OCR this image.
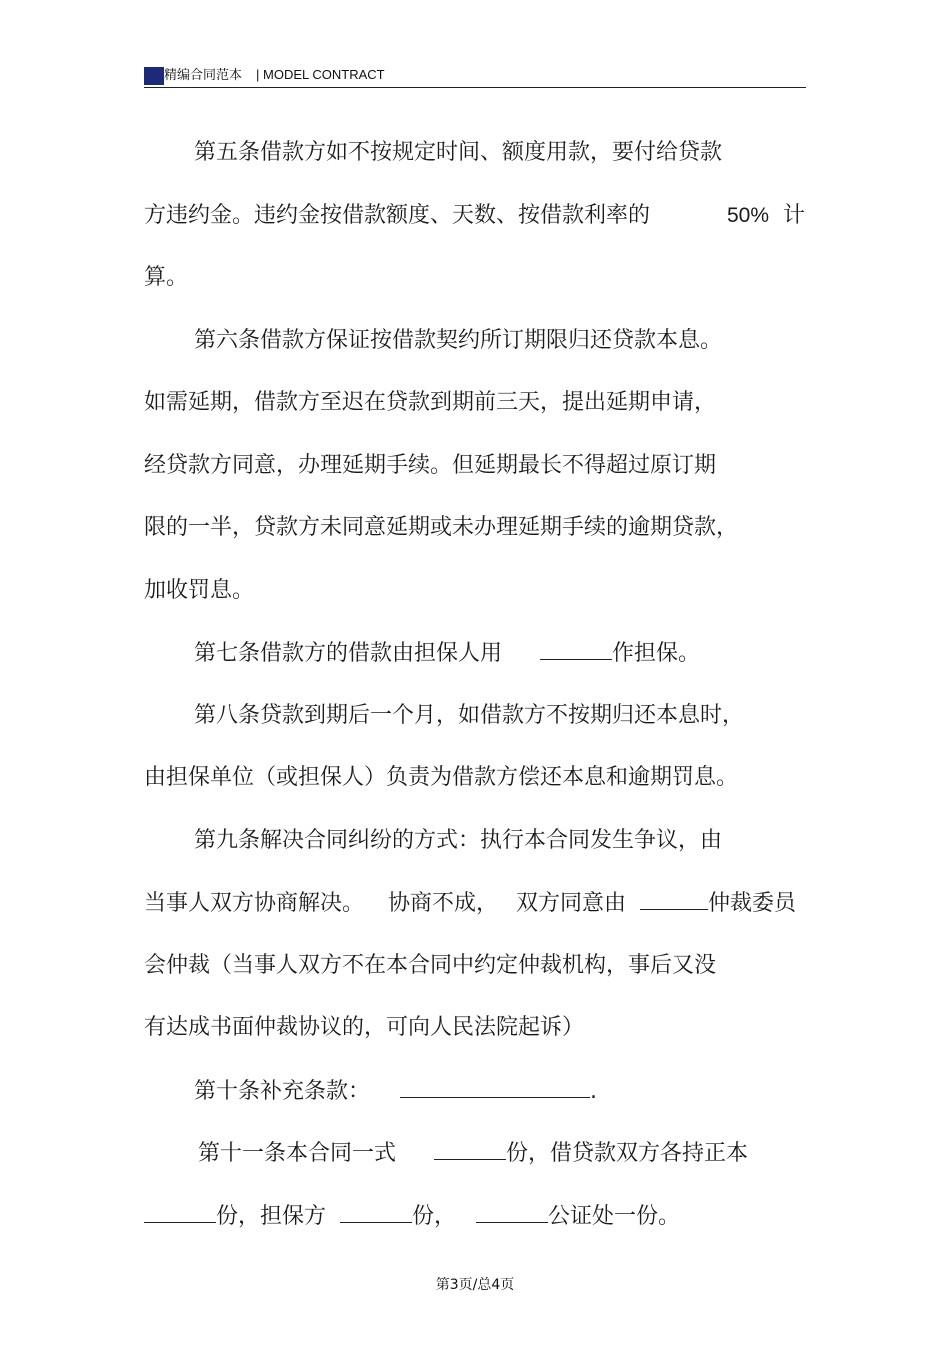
精编合同范本 | MODEL CONTRACT
第五条借款方如不按规定时间、额度用款，要付给贷款
方违约金。违约金按借款额度、天数、按借款利率的	50% 计
算。
第六条借款方保证按借款契约所订期限归还贷款本息。
如需延期，借款方至迟在贷款到期前三天，提出延期申请，
经贷款方同意，办理延期手续。但延期最长不得超过原订期
限的一半，贷款方未同意延期或未办理延期手续的逾期贷款，
加收罚息。
第七条借款方的借款由担保人用	作担保。
第八条贷款到期后一个月，如借款方不按期归还本息时，
由担保单位（或担保人）负责为借款方偿还本息和逾期罚息。
第九条解决合同纠纷的方式：执行本合同发生争议，由
当事人双方协商解决。 协商不成， 双方同意由	仲裁委员
会仲裁（当事人双方不在本合同中约定仲裁机构，事后又没
有达成书面仲裁协议的，可向人民法院起诉）
第十条补充条款：	.
第十一条本合同一式	份，借贷款双方各持正本
份，担保方	份，	公证处一份。
第3页/总4页
